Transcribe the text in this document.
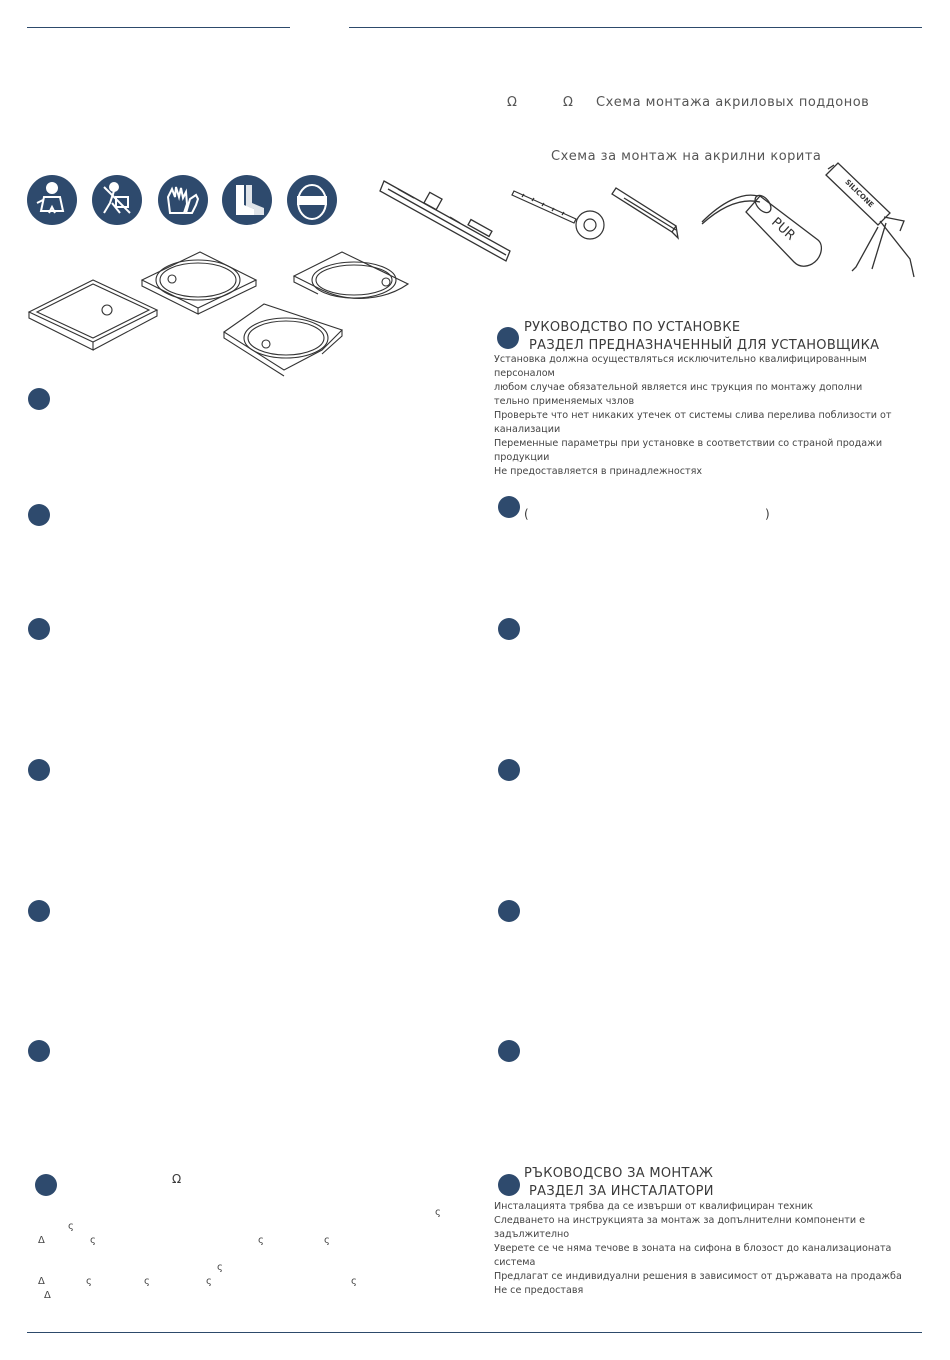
Ω	Ω Схема монтажа акриловых поддонов
Схема за монтаж на акрилни корита
PUR
SILICONE
РУКОВОДСТВО ПО УСТАНОВКЕ
РАЗДЕЛ ПРЕДНАЗНАЧЕННЫЙ ДЛЯ УСТАНОВЩИКА
Установка должна осуществляться исключительно квалифицированным
персоналом
любом случае обязательной является инс трукция по монтажу дополни
тельно применяемых чзлов
Проверьте что нет никаких утечек от системы слива перелива поблизости от
канализации
Переменные параметры при установке в соответствии со страной продажи
продукции
Не предоставляется в принадлежностях
(	)
Ω
ς
ς
Δ	ς	ς	ς
ς
Δ	ς	ς	ς	ς
Δ
РЪКОВОДСВО ЗА МОНТАЖ
РАЗДЕЛ ЗА ИНСТАЛАТОРИ
Инсталацията трябва да се извърши от квалифициран техник
Следването на инструкцията за монтаж за допълнителни компоненти е
задължително
Уверете се че няма течове в зоната на сифона в блозост до канализационата
система
Предлагат се индивидуални решения в зависимост от държавата на продажба
Не се предоставя
